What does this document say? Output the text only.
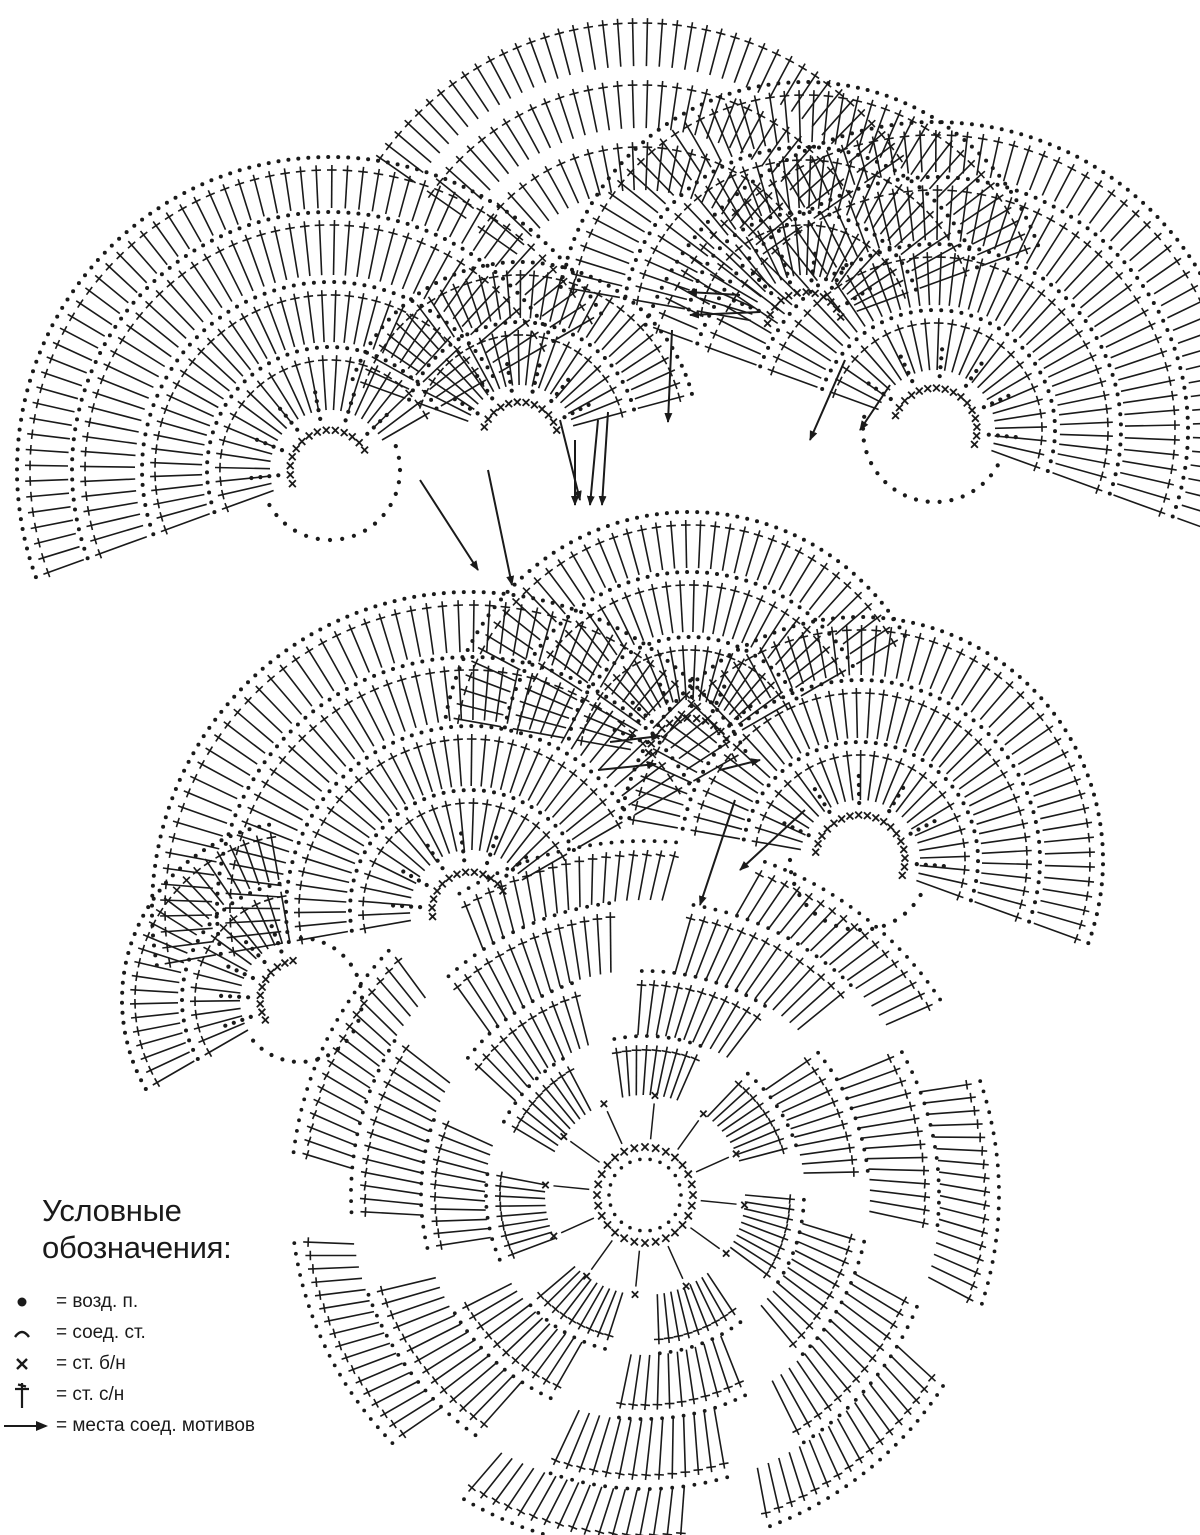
Условные
обозначения:
= возд. п.
= соед. ст.
= ст. б/н
= ст. с/н
= места соед. мотивов
